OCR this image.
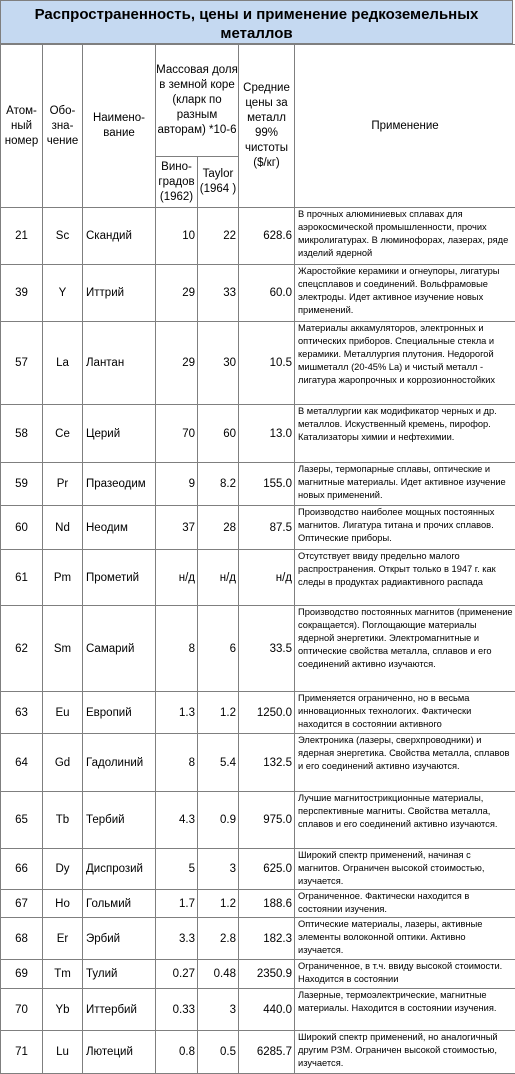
Распространенность, цены и применение редкоземельных металлов
Атом-ный номер	Обо-зна-чение	Наимено-вание	Массовая доля в земной коре (кларк по разным авторам) *10-6		Средние цены за металл 99% чистоты ($/кг)	Применение
			Вино-градов (1962)	Taylor (1964 )		
21	Sc	Скандий	10	22	628.6	В прочных алюминиевых сплавах для аэрокосмической промышленности, прочих микролигатурах. В люминофорах, лазерах, ряде изделий ядерной

39	Y	Иттрий	29	33	60.0	Жаростойкие керамики и огнеупоры, лигатуры спецсплавов и соединений. Вольфрамовые электроды. Идет активное изучение новых применений.

57	La	Лантан	29	30	10.5	Материалы аккамуляторов, электронных и оптических приборов. Специальные стекла и керамики. Металлургия плутония. Недорогой мишметалл (20-45% La) и чистый металл - лигатура жаропрочных и коррозионностойких

58	Ce	Церий	70	60	13.0	В металлургии как модификатор черных и др. металлов. Искуственный кремень, пирофор. Катализаторы химии и нефтехимии.

59	Pr	Празеодим	9	8.2	155.0	Лазеры, термопарные сплавы, оптические и магнитные материалы. Идет активное изучение новых применений.

60	Nd	Неодим	37	28	87.5	Производство наиболее мощных постоянных магнитов. Лигатура титана и прочих сплавов. Оптические приборы.

61	Pm	Прометий	н/д	н/д	н/д	Отсутствует ввиду предельно малого распространения. Открыт только в 1947 г. как следы в продуктах радиактивного распада

62	Sm	Самарий	8	6	33.5	Производство постоянных магнитов (применение сокращается). Поглощающие материалы ядерной энергетики. Электромагнитные и оптические свойства металла, сплавов и его соединений активно изучаются.

63	Eu	Европий	1.3	1.2	1250.0	Применяется ограниченно, но в весьма инновационных технологих. Фактически находится в состоянии активного

64	Gd	Гадолиний	8	5.4	132.5	Электроника (лазеры, сверхпроводники) и ядерная энергетика. Свойства металла, сплавов и его соединений активно изучаются.

65	Tb	Тербий	4.3	0.9	975.0	Лучшие магнитострикционные материалы, перспективные магниты. Свойства металла, сплавов и его соединений активно изучаются.

66	Dy	Диспрозий	5	3	625.0	Широкий спектр применений, начиная с магнитов. Ограничен высокой стоимостью, изучается.

67	Ho	Гольмий	1.7	1.2	188.6	Ограниченное. Фактически находится в состоянии изучения.

68	Er	Эрбий	3.3	2.8	182.3	Оптические материалы, лазеры, активные элементы волоконной оптики. Активно изучается.

69	Tm	Тулий	0.27	0.48	2350.9	Ограниченное, в т.ч. ввиду высокой стоимости. Находится в состоянии

70	Yb	Иттербий	0.33	3	440.0	Лазерные, термоэлектрические, магнитные материалы. Находится в состоянии изучения.

71	Lu	Лютеций	0.8	0.5	6285.7	Широкий спектр применений, но аналогичный другим РЗМ. Ограничен высокой стоимостью, изучается.
